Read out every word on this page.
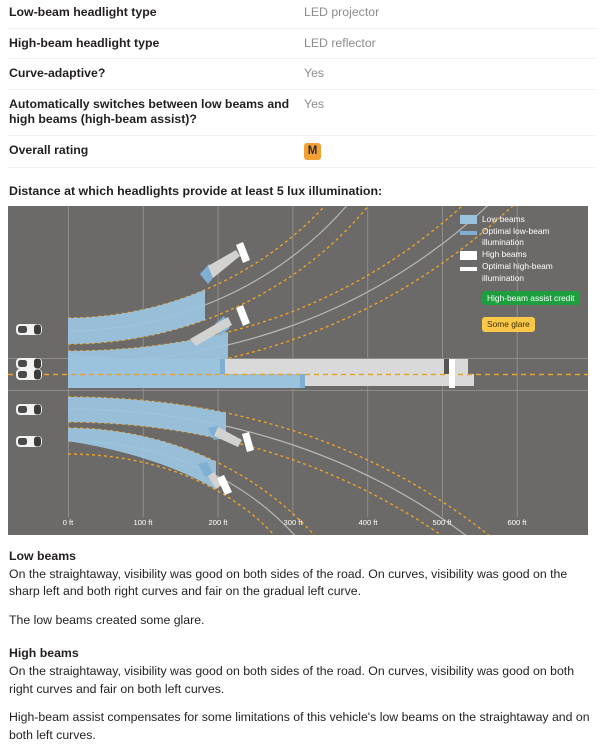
Low-beam headlight type	LED projector
High-beam headlight type	LED reflector
Curve-adaptive?	Yes
Automatically switches between low beams and high beams (high-beam assist)?
Yes
Overall rating	M
Distance at which headlights provide at least 5 lux illumination:
Low beams
Optimal low-beam illumination
High beams
Optimal high-beam illumination
High-beam assist credit
Some glare
0 ft	100 ft	200 ft	300 ft	400 ft	500 ft	600 ft
Low beams

On the straightaway, visibility was good on both sides of the road. On curves, visibility was good on the sharp left and both right curves and fair on the gradual left curve.

The low beams created some glare.

High beams

On the straightaway, visibility was good on both sides of the road. On curves, visibility was good on both right curves and fair on both left curves.

High-beam assist compensates for some limitations of this vehicle's low beams on the straightaway and on both left curves.
